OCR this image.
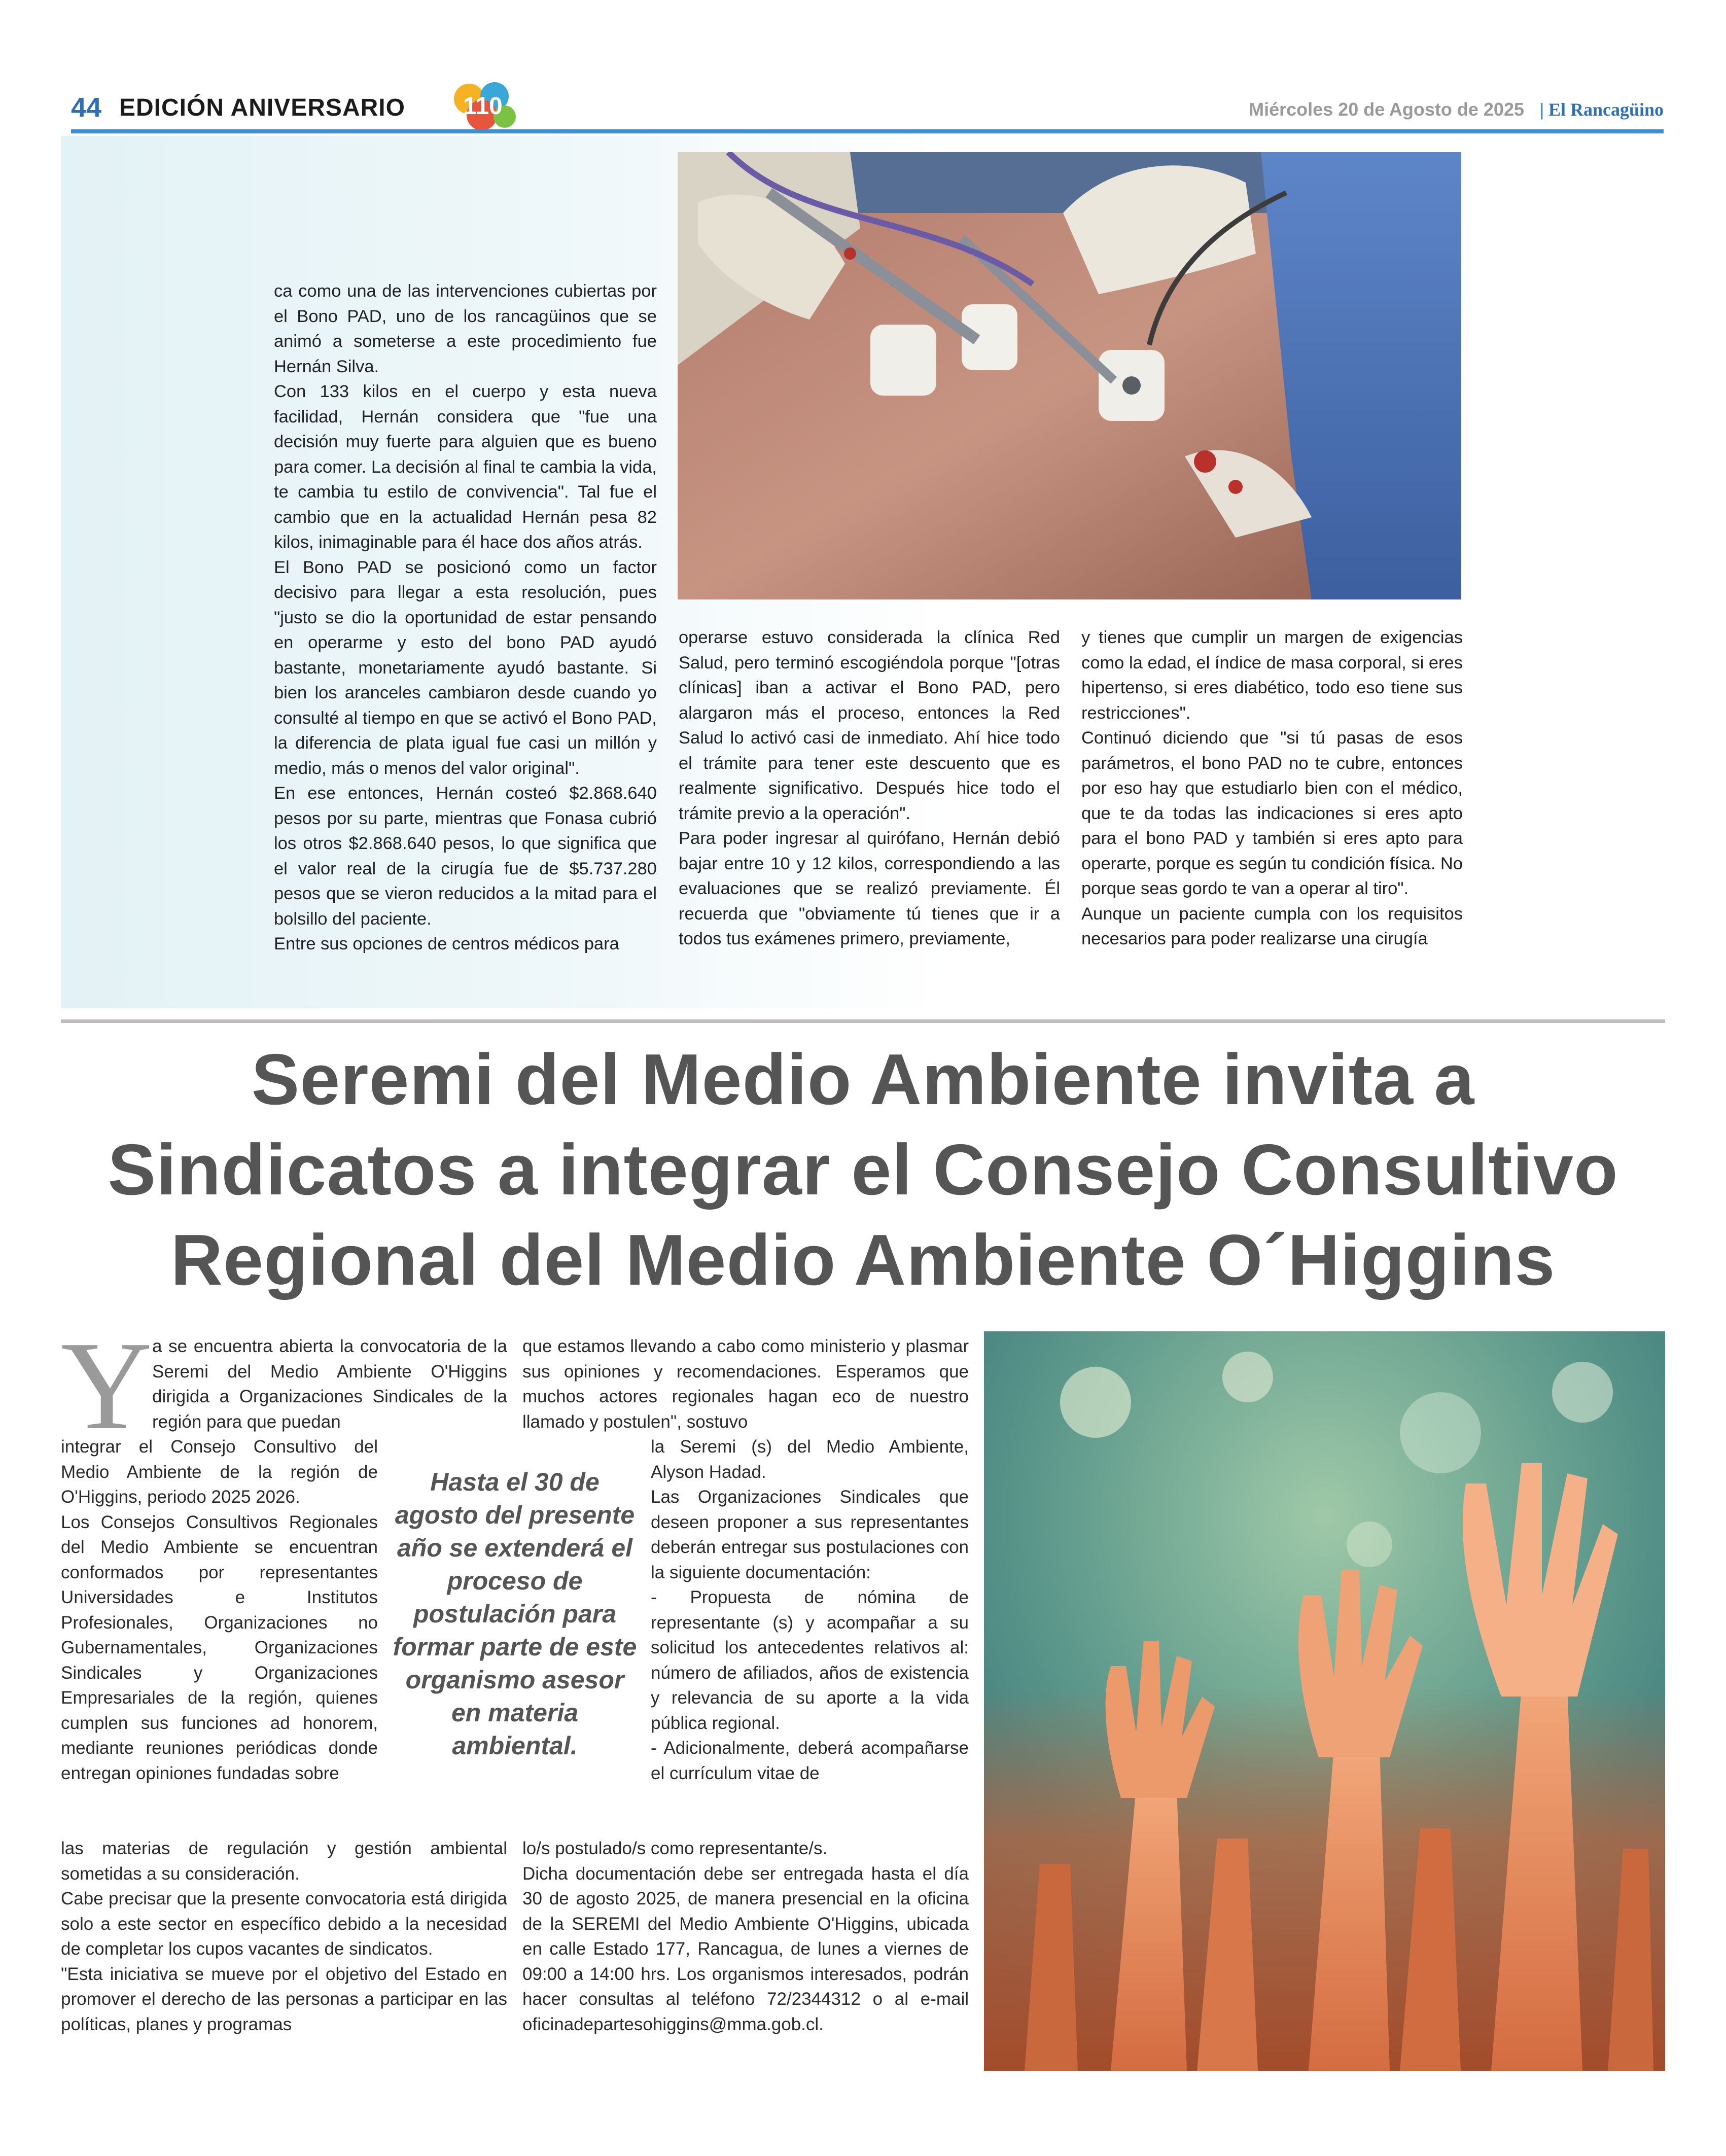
44 EDICIÓN ANIVERSARIO 110	Miércoles 20 de Agosto de 2025 | El Rancagüino

ca como una de las intervenciones cubiertas por el Bono PAD, uno de los rancagüinos que se animó a someterse a este procedimiento fue Hernán Silva.

Con 133 kilos en el cuerpo y esta nueva facilidad, Hernán considera que "fue una decisión muy fuerte para alguien que es bueno para comer. La decisión al final te cambia la vida, te cambia tu estilo de convivencia". Tal fue el cambio que en la actualidad Hernán pesa 82 kilos, inimaginable para él hace dos años atrás.

El Bono PAD se posicionó como un factor decisivo para llegar a esta resolución, pues "justo se dio la oportunidad de estar pensando en operarme y esto del bono PAD ayudó bastante, monetariamente ayudó bastante. Si bien los aranceles cambiaron desde cuando yo consulté al tiempo en que se activó el Bono PAD, la diferencia de plata igual fue casi un millón y medio, más o menos del valor original".

En ese entonces, Hernán costeó $2.868.640 pesos por su parte, mientras que Fonasa cubrió los otros $2.868.640 pesos, lo que significa que el valor real de la cirugía fue de $5.737.280 pesos que se vieron reducidos a la mitad para el bolsillo del paciente.

Entre sus opciones de centros médicos para

operarse estuvo considerada la clínica Red Salud, pero terminó escogiéndola porque "[otras clínicas] iban a activar el Bono PAD, pero alargaron más el proceso, entonces la Red Salud lo activó casi de inmediato. Ahí hice todo el trámite para tener este descuento que es realmente significativo. Después hice todo el trámite previo a la operación".

Para poder ingresar al quirófano, Hernán debió bajar entre 10 y 12 kilos, correspondiendo a las evaluaciones que se realizó previamente. Él recuerda que "obviamente tú tienes que ir a todos tus exámenes primero, previamente,

y tienes que cumplir un margen de exigencias como la edad, el índice de masa corporal, si eres hipertenso, si eres diabético, todo eso tiene sus restricciones".

Continuó diciendo que "si tú pasas de esos parámetros, el bono PAD no te cubre, entonces por eso hay que estudiarlo bien con el médico, que te da todas las indicaciones si eres apto para el bono PAD y también si eres apto para operarte, porque es según tu condición física. No porque seas gordo te van a operar al tiro".

Aunque un paciente cumpla con los requisitos necesarios para poder realizarse una cirugía

Seremi del Medio Ambiente invita a Sindicatos a integrar el Consejo Consultivo Regional del Medio Ambiente O´Higgins
Y a se encuentra abierta la convocatoria de la Seremi del Medio Ambiente O'Higgins dirigida a Organizaciones Sindicales de la región para que puedan

integrar el Consejo Consultivo del Medio Ambiente de la región de O'Higgins, periodo 2025 2026.

Los Consejos Consultivos Regionales del Medio Ambiente se encuentran conformados por representantes Universidades e Institutos Profesionales, Organizaciones no Gubernamentales, Organizaciones Sindicales y Organizaciones Empresariales de la región, quienes cumplen sus funciones ad honorem, mediante reuniones periódicas donde entregan opiniones fundadas sobre

las materias de regulación y gestión ambiental sometidas a su consideración.

Cabe precisar que la presente convocatoria está dirigida solo a este sector en específico debido a la necesidad de completar los cupos vacantes de sindicatos.

"Esta iniciativa se mueve por el objetivo del Estado en promover el derecho de las personas a participar en las políticas, planes y programas

Hasta el 30 de agosto del presente año se extenderá el proceso de postulación para formar parte de este organismo asesor en materia ambiental.

que estamos llevando a cabo como ministerio y plasmar sus opiniones y recomendaciones. Esperamos que muchos actores regionales hagan eco de nuestro llamado y postulen", sostuvo

la Seremi (s) del Medio Ambiente, Alyson Hadad.

Las Organizaciones Sindicales que deseen proponer a sus representantes deberán entregar sus postulaciones con la siguiente documentación:

- Propuesta de nómina de representante (s) y acompañar a su solicitud los antecedentes relativos al: número de afiliados, años de existencia y relevancia de su aporte a la vida pública regional.

- Adicionalmente, deberá acompañarse el currículum vitae de

lo/s postulado/s como representante/s.

Dicha documentación debe ser entregada hasta el día 30 de agosto 2025, de manera presencial en la oficina de la SEREMI del Medio Ambiente O'Higgins, ubicada en calle Estado 177, Rancagua, de lunes a viernes de 09:00 a 14:00 hrs. Los organismos interesados, podrán hacer consultas al teléfono 72/2344312 o al e-mail oficinadepartesohiggins@mma.gob.cl.
